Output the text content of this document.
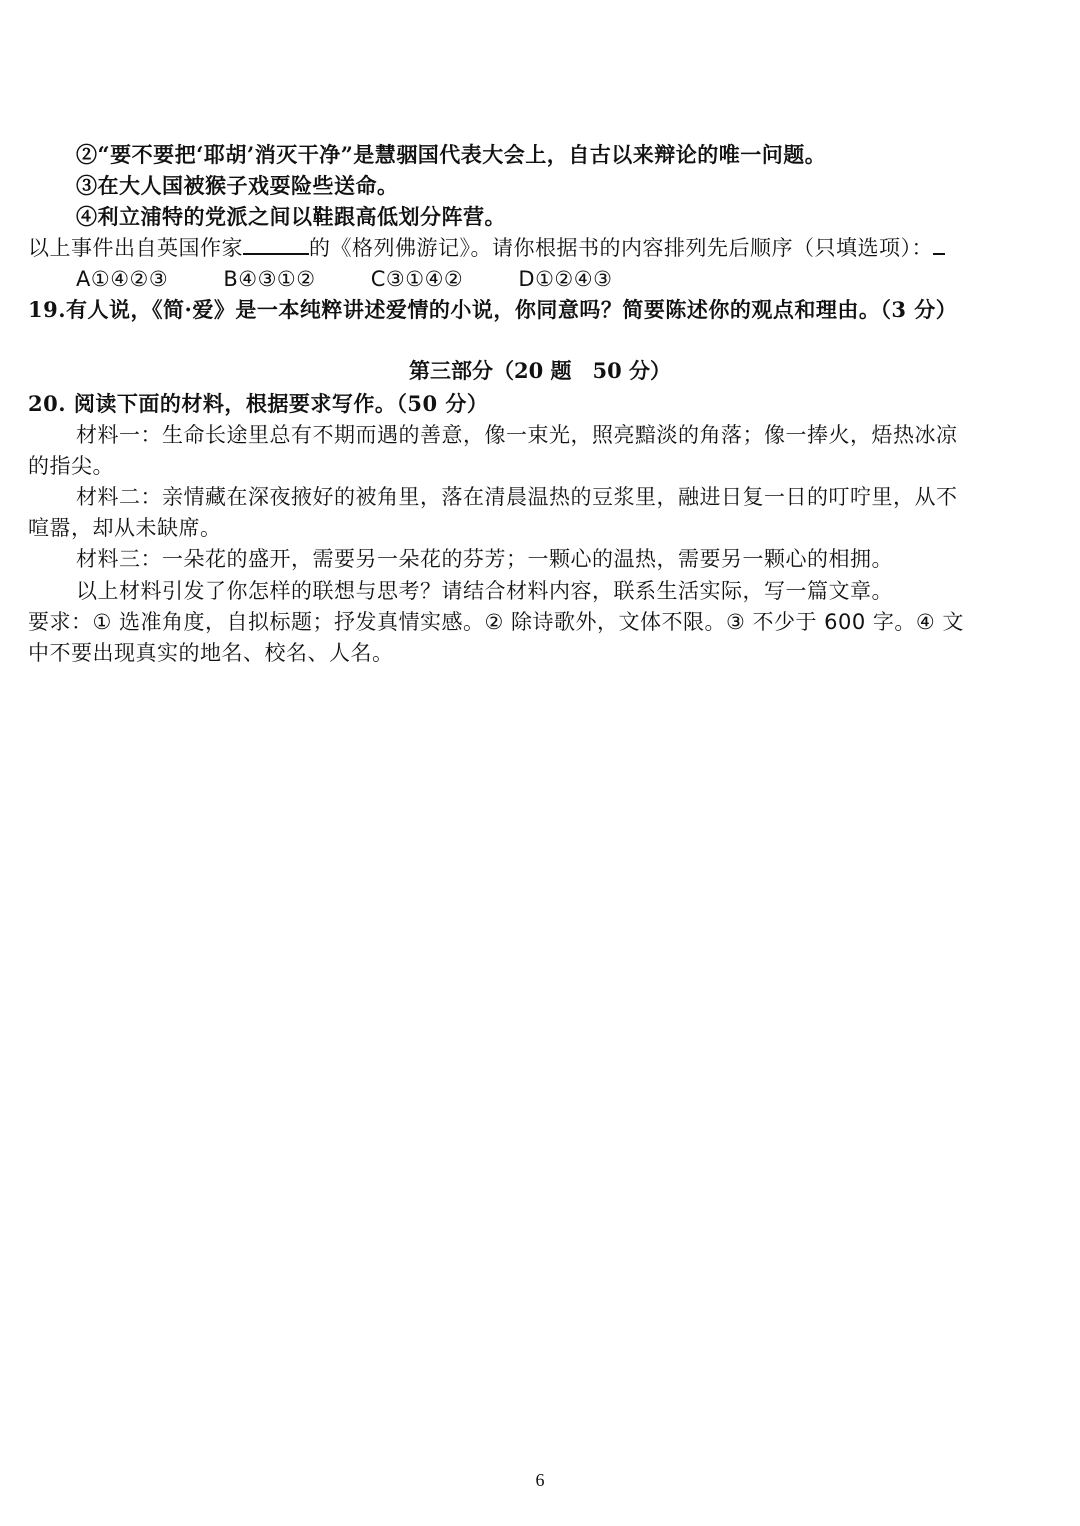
②“要不要把‘耶胡’消灭干净”是慧骃国代表大会上，自古以来辩论的唯一问题。
③在大人国被猴子戏耍险些送命。
④利立浦特的党派之间以鞋跟高低划分阵营。
以上事件出自英国作家	的《格列佛游记》。请你根据书的内容排列先后顺序（只填选项）：
A①④②③	B④③①②	C③①④②	D①②④③
19.有人说，《简·爱》是一本纯粹讲述爱情的小说，你同意吗？简要陈述你的观点和理由。（3 分）
第三部分（20 题　50 分）
20. 阅读下面的材料，根据要求写作。（50 分）
材料一：生命长途里总有不期而遇的善意，像一束光，照亮黯淡的角落；像一捧火，焐热冰凉
的指尖。
材料二：亲情藏在深夜掖好的被角里，落在清晨温热的豆浆里，融进日复一日的叮咛里，从不
喧嚣，却从未缺席。
材料三：一朵花的盛开，需要另一朵花的芬芳；一颗心的温热，需要另一颗心的相拥。
以上材料引发了你怎样的联想与思考？请结合材料内容，联系生活实际，写一篇文章。
要求：① 选准角度，自拟标题；抒发真情实感。② 除诗歌外，文体不限。③ 不少于 600 字。④ 文
中不要出现真实的地名、校名、人名。
6
